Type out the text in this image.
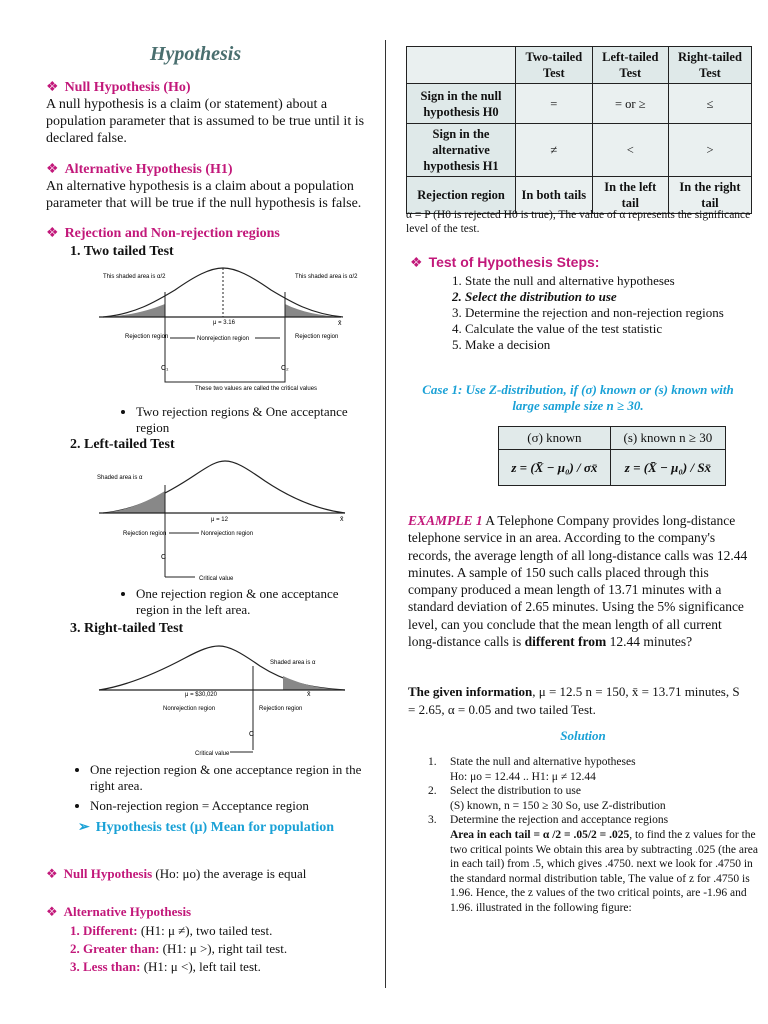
Hypothesis
❖ Null Hypothesis (Ho)

A null hypothesis is a claim (or statement) about a population parameter that is assumed to be true until it is declared false.

❖ Alternative Hypothesis (H1)

An alternative hypothesis is a claim about a population parameter that will be true if the null hypothesis is false.

❖ Rejection and Non-rejection regions
1. Two tailed Test
This shaded area is α/2	This shaded area is α/2
μ = 3.16	x̄
Rejection region	Nonrejection region	Rejection region
C₁	C₂
These two values are called the critical values
• Two rejection regions & One acceptance region
2. Left-tailed Test
Shaded area is α
μ = 12	x̄
Rejection region	Nonrejection region
C
Critical value
• One rejection region & one acceptance region in the left area.
3. Right-tailed Test
Shaded area is α
μ = $30,020	x̄
Nonrejection region	Rejection region
C
Critical value
• One rejection region & one acceptance region in the right area.
• Non-rejection region = Acceptance region
➢ Hypothesis test (μ) Mean for population
❖ Null Hypothesis (Ho: μo) the average is equal
❖ Alternative Hypothesis
1. Different: (H1: μ ≠), two tailed test.
2. Greater than: (H1: μ >), right tail test.
3. Less than: (H1: μ <), left tail test.
	Two-tailed Test	Left-tailed Test	Right-tailed Test
Sign in the null hypothesis H0	=	= or ≥	≤
Sign in the alternative hypothesis H1	≠	<	>
Rejection region	In both tails	In the left tail	In the right tail

α = P (H0 is rejected H0 is true), The value of α represents the significance level of the test.

❖ Test of Hypothesis Steps:
1. State the null and alternative hypotheses
2. Select the distribution to use
3. Determine the rejection and non-rejection regions
4. Calculate the value of the test statistic
5. Make a decision
Case 1: Use Z-distribution, if (σ) known or (s) known with large sample size n ≥ 30.
(σ) known	(s) known n ≥ 30
z = (X̄ − μ₀) / σx̄	z = (X̄ − μ₀) / Sx̄

EXAMPLE 1 A Telephone Company provides long-distance telephone service in an area. According to the company's records, the average length of all long-distance calls was 12.44 minutes. A sample of 150 such calls placed through this company produced a mean length of 13.71 minutes with a standard deviation of 2.65 minutes. Using the 5% significance level, can you conclude that the mean length of all current long-distance calls is different from 12.44 minutes?

The given information, μ = 12.5 n = 150, x̄ = 13.71 minutes, S = 2.65, α = 0.05 and two tailed Test.

Solution
1.	State the null and alternative hypotheses
Ho: μo = 12.44 .. H1: μ ≠ 12.44
2.	Select the distribution to use
(S) known, n = 150 ≥ 30 So, use Z-distribution
3.	Determine the rejection and acceptance regions
Area in each tail = α /2 = .05/2 = .025, to find the z values for the two critical points We obtain this area by subtracting .025 (the area in each tail) from .5, which gives .4750. next we look for .4750 in the standard normal distribution table, The value of z for .4750 is 1.96. Hence, the z values of the two critical points, are -1.96 and 1.96. illustrated in the following figure:
